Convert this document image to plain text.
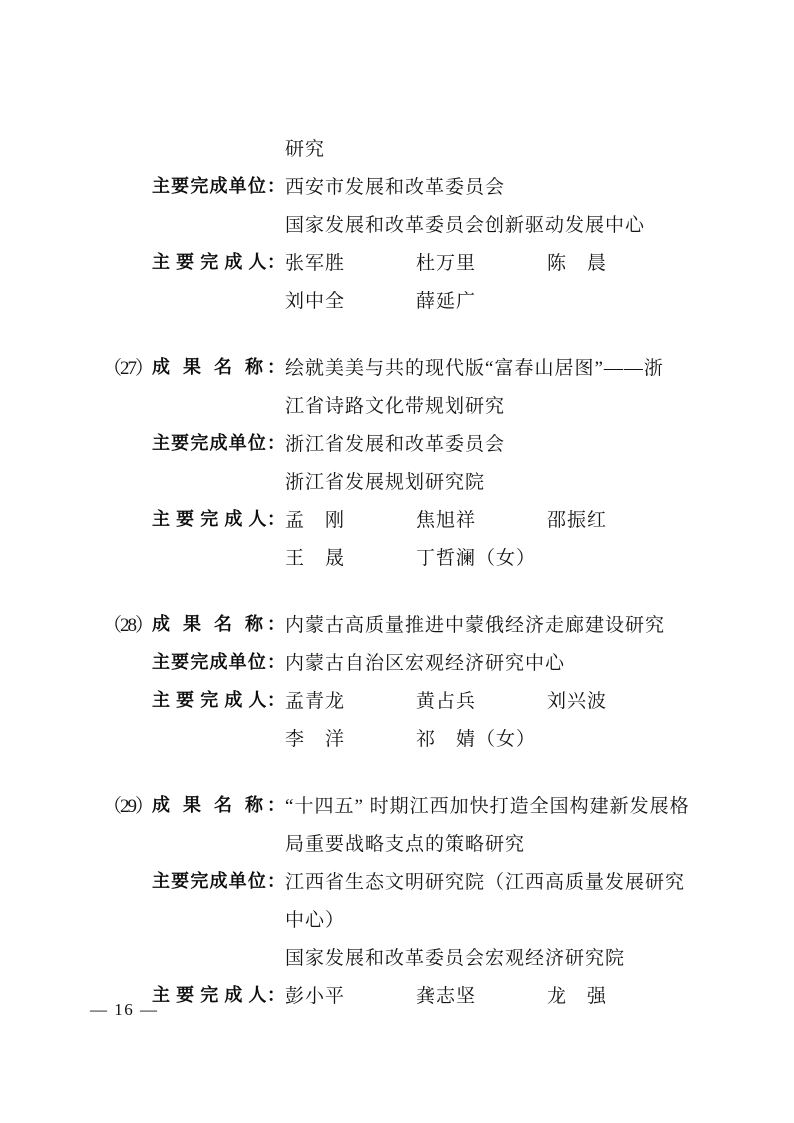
研究
主要完成单位： 西安市发展和改革委员会
国家发展和改革委员会创新驱动发展中心
主 要 完 成 人： 张军胜	杜万里	陈　晨
刘中全	薛延广
（27） 成 果 名 称： 绘就美美与共的现代版“富春山居图”——浙
江省诗路文化带规划研究
主要完成单位： 浙江省发展和改革委员会
浙江省发展规划研究院
主 要 完 成 人： 孟　刚	焦旭祥	邵振红
王　晟	丁哲澜（女）
（28） 成 果 名 称： 内蒙古高质量推进中蒙俄经济走廊建设研究
主要完成单位： 内蒙古自治区宏观经济研究中心
主 要 完 成 人： 孟青龙	黄占兵	刘兴波
李　洋	祁　婧（女）
（29） 成 果 名 称： “十四五” 时期江西加快打造全国构建新发展格
局重要战略支点的策略研究
主要完成单位： 江西省生态文明研究院（江西高质量发展研究
中心）
国家发展和改革委员会宏观经济研究院
主 要 完 成 人： 彭小平	龚志坚	龙　强
— 16 —
